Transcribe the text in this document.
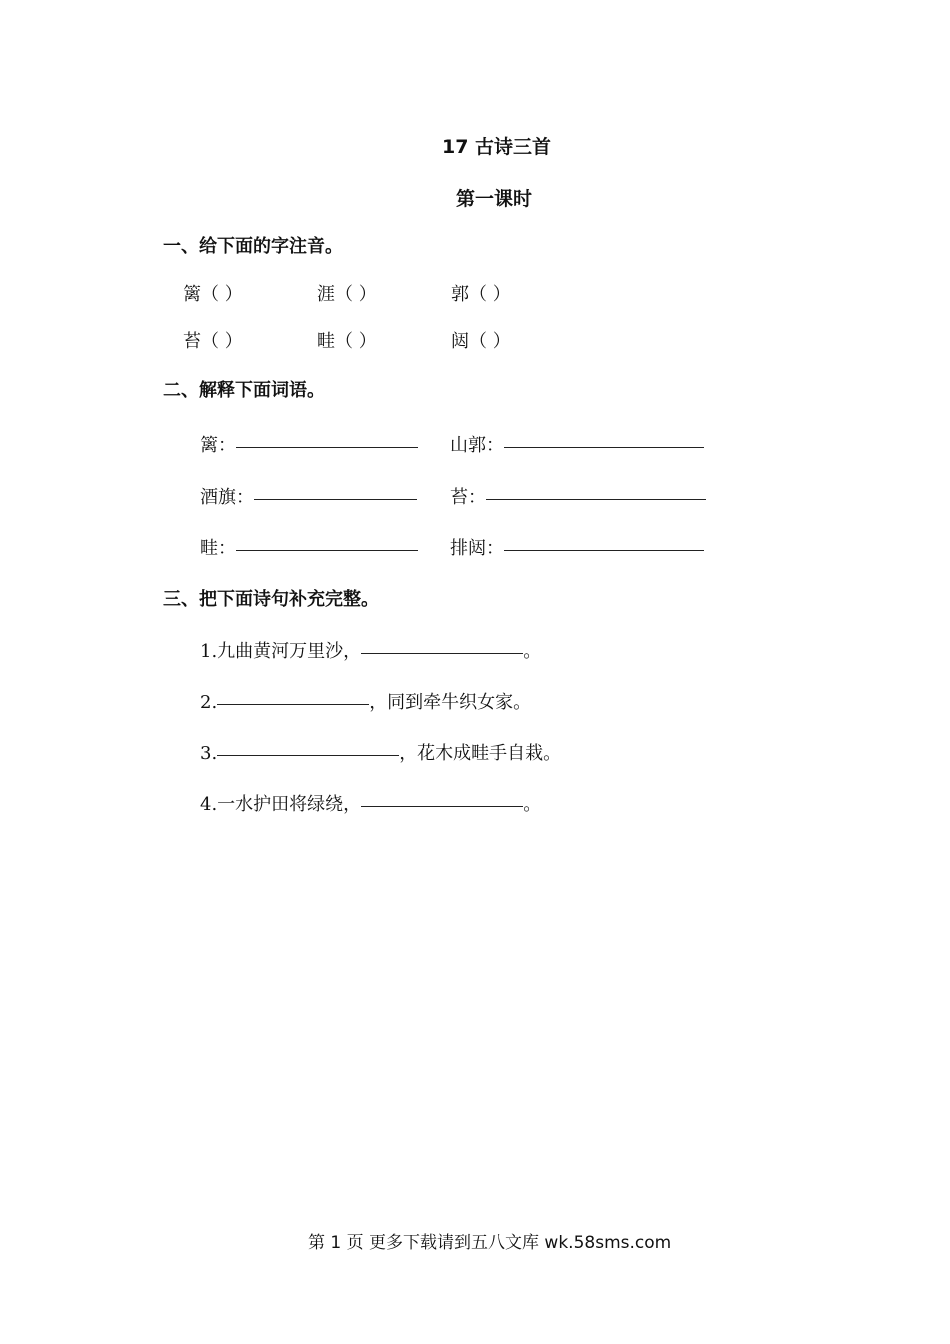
17 古诗三首
第一课时
一、给下面的字注音。
篱（ ）	涯（ ）	郭（ ）
苔（ ）	畦（ ）	闼（ ）
二、解释下面词语。
篱：	山郭：
酒旗：	苔：
畦：	排闼：
三、把下面诗句补充完整。
1.九曲黄河万里沙，	。
2.	，同到牵牛织女家。
3.	，花木成畦手自栽。
4.一水护田将绿绕，	。
第 1 页 更多下载请到五八文库 wk.58sms.com
